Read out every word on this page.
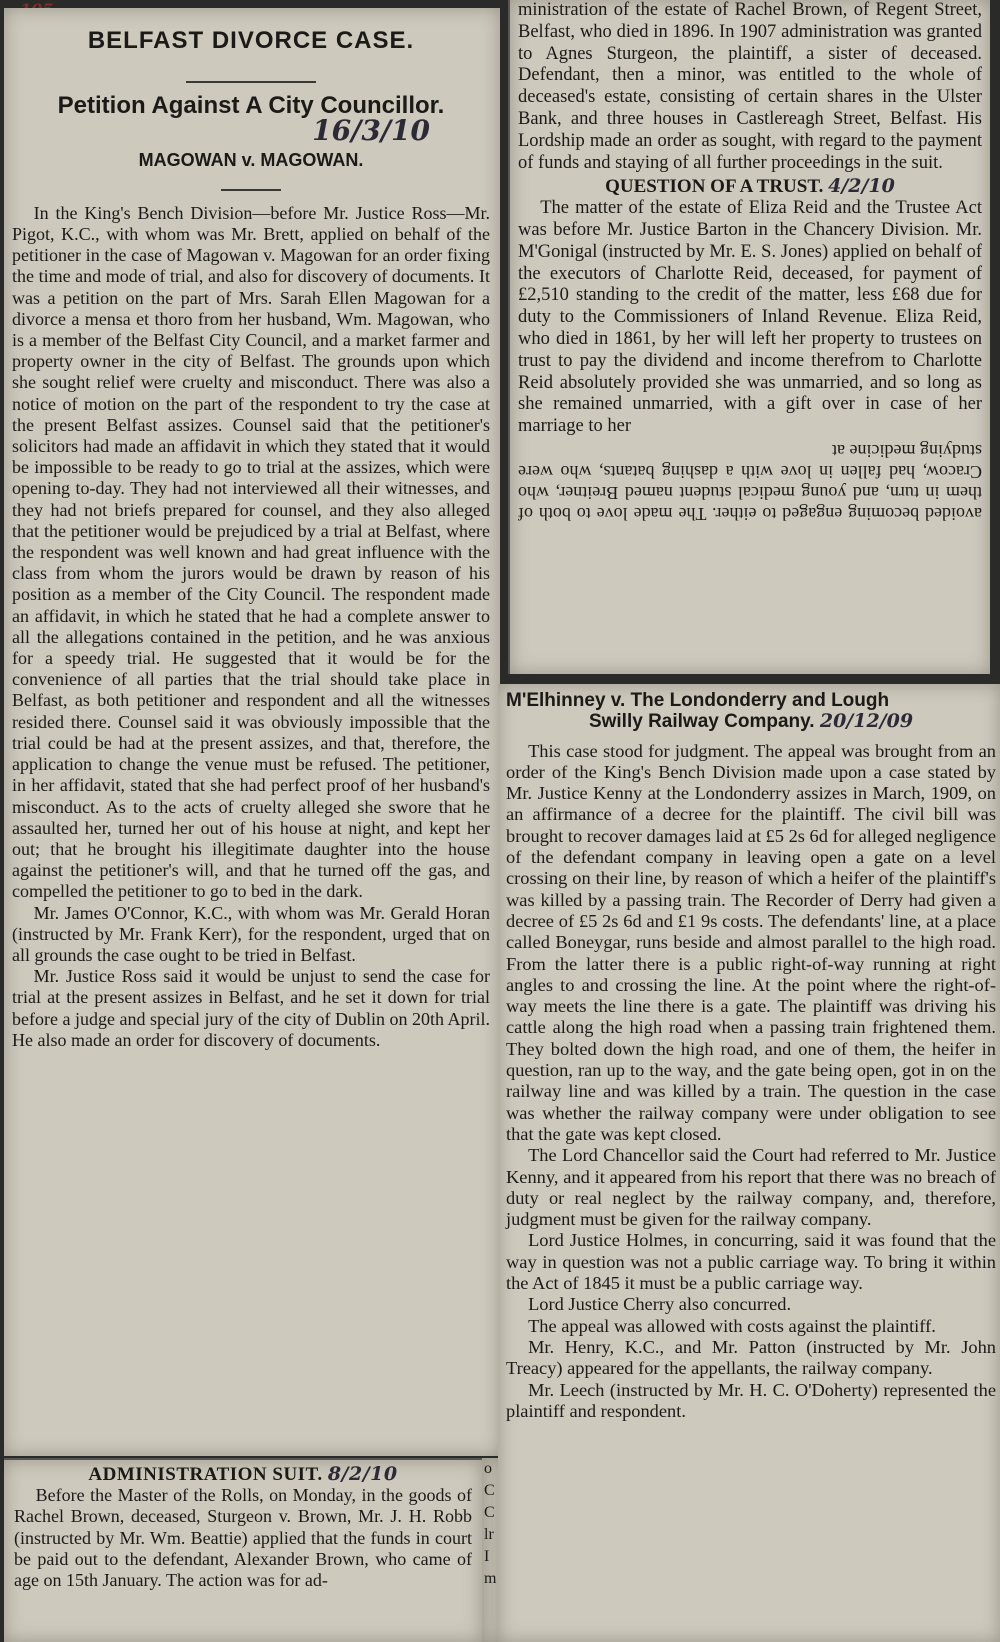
BELFAST DIVORCE CASE.
Petition Against A City Councillor.
16/3/10
MAGOWAN v. MAGOWAN.

In the King's Bench Division—before Mr. Justice Ross—Mr. Pigot, K.C., with whom was Mr. Brett, applied on behalf of the petitioner in the case of Magowan v. Magowan for an order fixing the time and mode of trial, and also for discovery of documents. It was a petition on the part of Mrs. Sarah Ellen Magowan for a divorce a mensa et thoro from her husband, Wm. Magowan, who is a member of the Belfast City Council, and a market farmer and property owner in the city of Belfast. The grounds upon which she sought relief were cruelty and misconduct. There was also a notice of motion on the part of the respondent to try the case at the present Belfast assizes. Counsel said that the petitioner's solicitors had made an affidavit in which they stated that it would be impossible to be ready to go to trial at the assizes, which were opening to-day. They had not interviewed all their witnesses, and they had not briefs prepared for counsel, and they also alleged that the petitioner would be prejudiced by a trial at Belfast, where the respondent was well known and had great influence with the class from whom the jurors would be drawn by reason of his position as a member of the City Council. The respondent made an affidavit, in which he stated that he had a complete answer to all the allegations contained in the petition, and he was anxious for a speedy trial. He suggested that it would be for the convenience of all parties that the trial should take place in Belfast, as both petitioner and respondent and all the witnesses resided there. Counsel said it was obviously impossible that the trial could be had at the present assizes, and that, therefore, the application to change the venue must be refused. The petitioner, in her affidavit, stated that she had perfect proof of her husband's misconduct. As to the acts of cruelty alleged she swore that he assaulted her, turned her out of his house at night, and kept her out; that he brought his illegitimate daughter into the house against the petitioner's will, and that he turned off the gas, and compelled the petitioner to go to bed in the dark.

Mr. James O'Connor, K.C., with whom was Mr. Gerald Horan (instructed by Mr. Frank Kerr), for the respondent, urged that on all grounds the case ought to be tried in Belfast.

Mr. Justice Ross said it would be unjust to send the case for trial at the present assizes in Belfast, and he set it down for trial before a judge and special jury of the city of Dublin on 20th April. He also made an order for discovery of documents.

ADMINISTRATION SUIT. 8/2/10

Before the Master of the Rolls, on Monday, in the goods of Rachel Brown, deceased, Sturgeon v. Brown, Mr. J. H. Robb (instructed by Mr. Wm. Beattie) applied that the funds in court be paid out to the defendant, Alexander Brown, who came of age on 15th January. The action was for ad-

o C C lr I m

ministration of the estate of Rachel Brown, of Regent Street, Belfast, who died in 1896. In 1907 administration was granted to Agnes Sturgeon, the plaintiff, a sister of deceased. Defendant, then a minor, was entitled to the whole of deceased's estate, consisting of certain shares in the Ulster Bank, and three houses in Castlereagh Street, Belfast. His Lordship made an order as sought, with regard to the payment of funds and staying of all further proceedings in the suit.

QUESTION OF A TRUST. 4/2/10

The matter of the estate of Eliza Reid and the Trustee Act was before Mr. Justice Barton in the Chancery Division. Mr. M'Gonigal (instructed by Mr. E. S. Jones) applied on behalf of the executors of Charlotte Reid, deceased, for payment of £2,510 standing to the credit of the matter, less £68 due for duty to the Commissioners of Inland Revenue. Eliza Reid, who died in 1861, by her will left her property to trustees on trust to pay the dividend and income therefrom to Charlotte Reid absolutely provided she was unmarried, and so long as she remained unmarried, with a gift over in case of her marriage to her

avoided becoming engaged to either. The made love to both of them in turn, and young medical student named Breitner, who Cracow, had fallen in love with a dashing batants, who were studying medicine at
M'Elhinney v. The Londonderry and Lough
Swilly Railway Company. 20/12/09

This case stood for judgment. The appeal was brought from an order of the King's Bench Division made upon a case stated by Mr. Justice Kenny at the Londonderry assizes in March, 1909, on an affirmance of a decree for the plaintiff. The civil bill was brought to recover damages laid at £5 2s 6d for alleged negligence of the defendant company in leaving open a gate on a level crossing on their line, by reason of which a heifer of the plaintiff's was killed by a passing train. The Recorder of Derry had given a decree of £5 2s 6d and £1 9s costs. The defendants' line, at a place called Boneygar, runs beside and almost parallel to the high road. From the latter there is a public right-of-way running at right angles to and crossing the line. At the point where the right-of-way meets the line there is a gate. The plaintiff was driving his cattle along the high road when a passing train frightened them. They bolted down the high road, and one of them, the heifer in question, ran up to the way, and the gate being open, got in on the railway line and was killed by a train. The question in the case was whether the railway company were under obligation to see that the gate was kept closed.

The Lord Chancellor said the Court had referred to Mr. Justice Kenny, and it appeared from his report that there was no breach of duty or real neglect by the railway company, and, therefore, judgment must be given for the railway company.

Lord Justice Holmes, in concurring, said it was found that the way in question was not a public carriage way. To bring it within the Act of 1845 it must be a public carriage way.

Lord Justice Cherry also concurred.

The appeal was allowed with costs against the plaintiff.

Mr. Henry, K.C., and Mr. Patton (instructed by Mr. John Treacy) appeared for the appellants, the railway company.

Mr. Leech (instructed by Mr. H. C. O'Doherty) represented the plaintiff and respondent.
